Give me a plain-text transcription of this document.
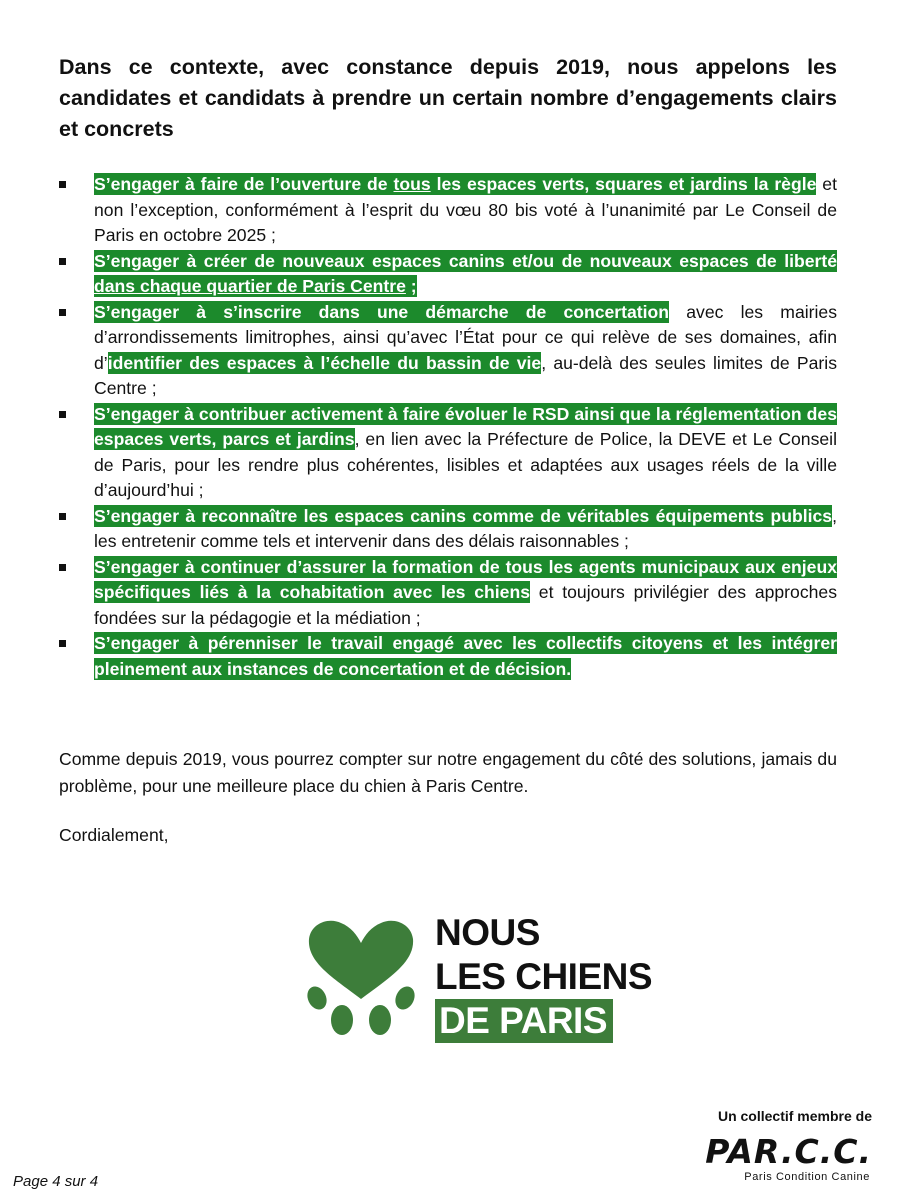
Dans ce contexte, avec constance depuis 2019, nous appelons les candidates et candidats à prendre un certain nombre d’engagements clairs et concrets

S’engager à faire de l’ouverture de tous les espaces verts, squares et jardins la règle et non l’exception, conformément à l’esprit du vœu 80 bis voté à l’unanimité par Le Conseil de Paris en octobre 2025 ;
S’engager à créer de nouveaux espaces canins et/ou de nouveaux espaces de liberté dans chaque quartier de Paris Centre ;
S’engager à s’inscrire dans une démarche de concertation avec les mairies d’arrondissements limitrophes, ainsi qu’avec l’État pour ce qui relève de ses domaines, afin d’identifier des espaces à l’échelle du bassin de vie, au-delà des seules limites de Paris Centre ;
S’engager à contribuer activement à faire évoluer le RSD ainsi que la réglementation des espaces verts, parcs et jardins, en lien avec la Préfecture de Police, la DEVE et Le Conseil de Paris, pour les rendre plus cohérentes, lisibles et adaptées aux usages réels de la ville d’aujourd’hui ;
S’engager à reconnaître les espaces canins comme de véritables équipements publics, les entretenir comme tels et intervenir dans des délais raisonnables ;
S’engager à continuer d’assurer la formation de tous les agents municipaux aux enjeux spécifiques liés à la cohabitation avec les chiens et toujours privilégier des approches fondées sur la pédagogie et la médiation ;
S’engager à pérenniser le travail engagé avec les collectifs citoyens et les intégrer pleinement aux instances de concertation et de décision.

Comme depuis 2019, vous pourrez compter sur notre engagement du côté des solutions, jamais du problème, pour une meilleure place du chien à Paris Centre.

Cordialement,

NOUS
LES CHIENS
DE PARIS
Un collectif membre de
PAR.C.C.
Paris Condition Canine
Page 4 sur 4
